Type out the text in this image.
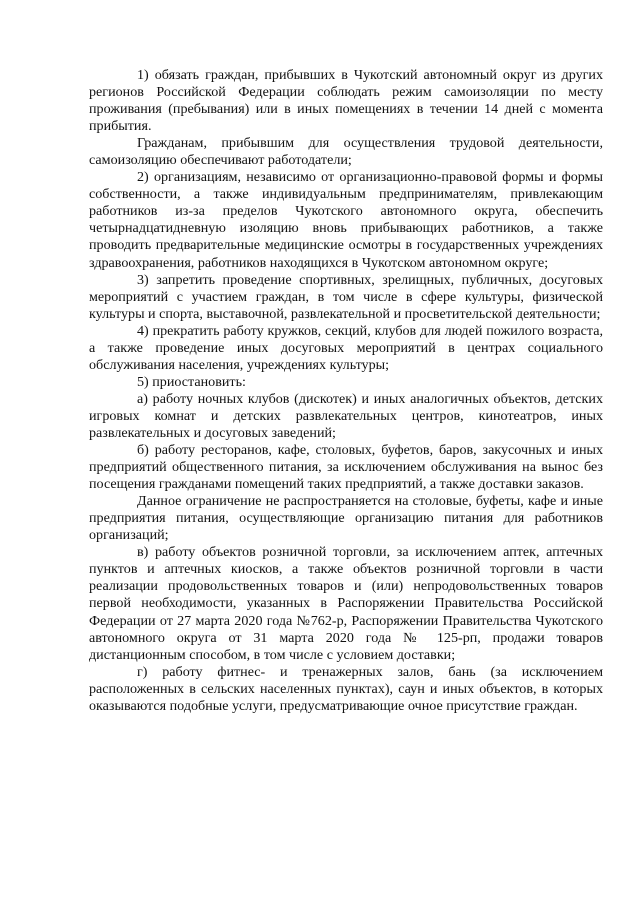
1) обязать граждан, прибывших в Чукотский автономный округ из других регионов Российской Федерации соблюдать режим самоизоляции по месту проживания (пребывания) или в иных помещениях в течении 14 дней с момента прибытия.

Гражданам, прибывшим для осуществления трудовой деятельности, самоизоляцию обеспечивают работодатели;

2) организациям, независимо от организационно-правовой формы и формы собственности, а также индивидуальным предпринимателям, привлекающим работников из-за пределов Чукотского автономного округа, обеспечить четырнадцатидневную изоляцию вновь прибывающих работников, а также проводить предварительные медицинские осмотры в государственных учреждениях здравоохранения, работников находящихся в Чукотском автономном округе;

3) запретить проведение спортивных, зрелищных, публичных, досуговых мероприятий с участием граждан, в том числе в сфере культуры, физической культуры и спорта, выставочной, развлекательной и просветительской деятельности;

4) прекратить работу кружков, секций, клубов для людей пожилого возраста, а также проведение иных досуговых мероприятий в центрах социального обслуживания населения, учреждениях культуры;

5) приостановить:

а) работу ночных клубов (дискотек) и иных аналогичных объектов, детских игровых комнат и детских развлекательных центров, кинотеатров, иных развлекательных и досуговых заведений;

б) работу ресторанов, кафе, столовых, буфетов, баров, закусочных и иных предприятий общественного питания, за исключением обслуживания на вынос без посещения гражданами помещений таких предприятий, а также доставки заказов.

Данное ограничение не распространяется на столовые, буфеты, кафе и иные предприятия питания, осуществляющие организацию питания для работников организаций;

в) работу объектов розничной торговли, за исключением аптек, аптечных пунктов и аптечных киосков, а также объектов розничной торговли в части реализации продовольственных товаров и (или) непродовольственных товаров первой необходимости, указанных в Распоряжении Правительства Российской Федерации от 27 марта 2020 года №762-р, Распоряжении Правительства Чукотского автономного округа от 31 марта 2020 года № 125-рп, продажи товаров дистанционным способом, в том числе с условием доставки;

г) работу фитнес- и тренажерных залов, бань (за исключением расположенных в сельских населенных пунктах), саун и иных объектов, в которых оказываются подобные услуги, предусматривающие очное присутствие граждан.
